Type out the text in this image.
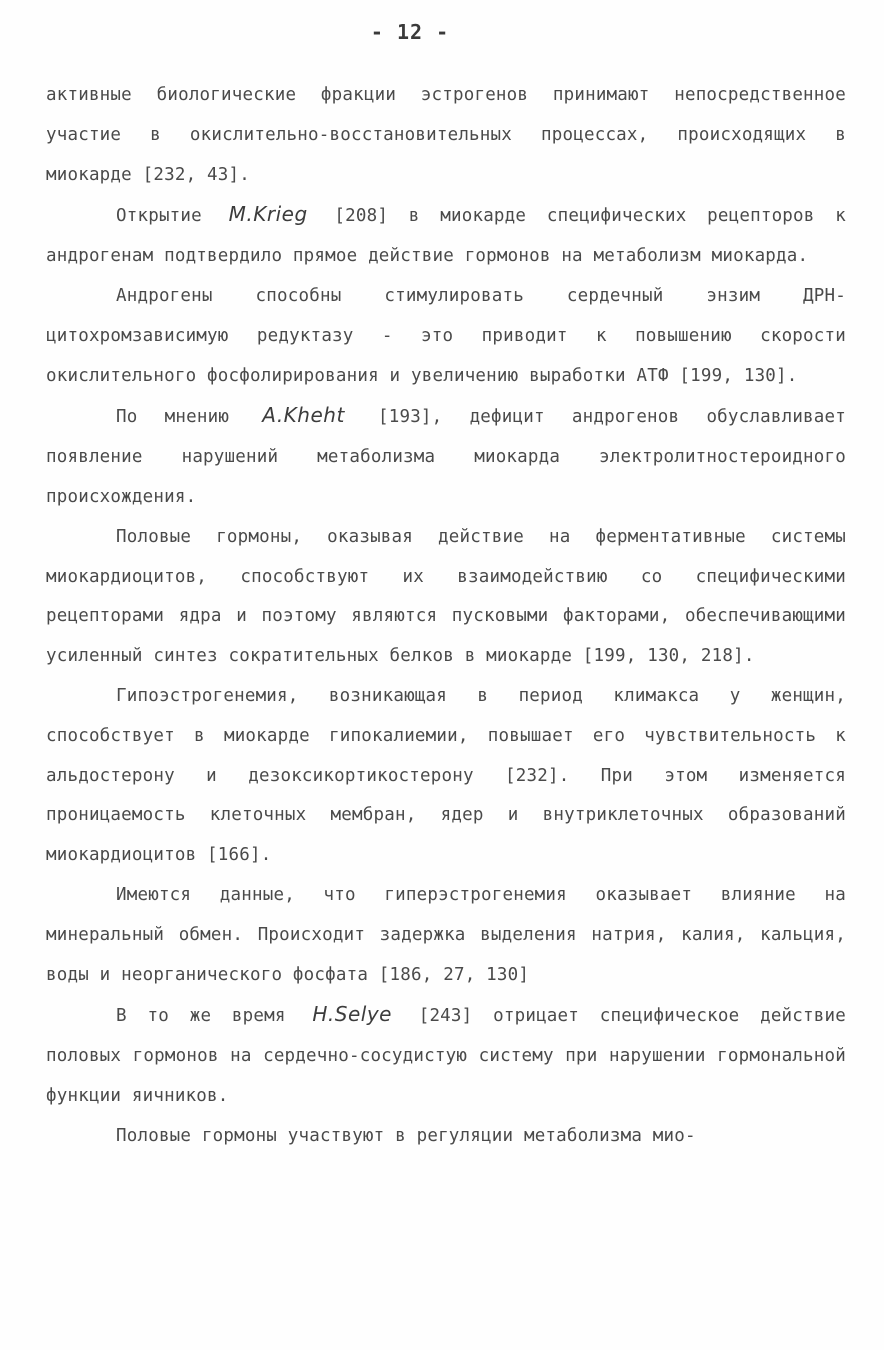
- 12 -

активные биологические фракции эстрогенов принимают непосредственное участие в окислительно-восстановительных процессах, происходящих в миокарде [232, 43].

Открытие M.Krieg [208] в миокарде специфических рецепторов к андрогенам подтвердило прямое действие гормонов на метаболизм миокарда.

Андрогены способны стимулировать сердечный энзим ДРН-цитохромзависимую редуктазу - это приводит к повышению скорости окислительного фосфолирирования и увеличению выработки АТФ [199, 130].

По мнению A.Kheht [193], дефицит андрогенов обуславливает появление нарушений метаболизма миокарда электролитностероидного происхождения.

Половые гормоны, оказывая действие на ферментативные системы миокардиоцитов, способствуют их взаимодействию со специфическими рецепторами ядра и поэтому являются пусковыми факторами, обеспечивающими усиленный синтез сократительных белков в миокарде [199, 130, 218].

Гипоэстрогенемия, возникающая в период климакса у женщин, способствует в миокарде гипокалиемии, повышает его чувствительность к альдостерону и дезоксикортикостерону [232]. При этом изменяется проницаемость клеточных мембран, ядер и внутриклеточных образований миокардиоцитов [166].

Имеются данные, что гиперэстрогенемия оказывает влияние на минеральный обмен. Происходит задержка выделения натрия, калия, кальция, воды и неорганического фосфата [186, 27, 130]

В то же время H.Selye [243] отрицает специфическое действие половых гормонов на сердечно-сосудистую систему при нарушении гормональной функции яичников.

Половые гормоны участвуют в регуляции метаболизма мио-
